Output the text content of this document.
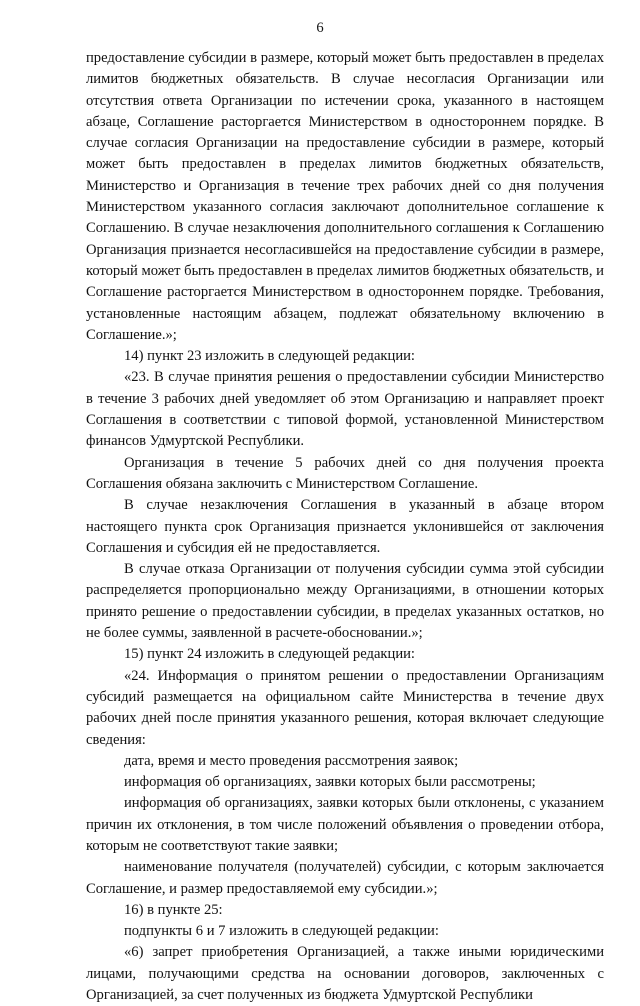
6

предоставление субсидии в размере, который может быть предоставлен в пределах лимитов бюджетных обязательств. В случае несогласия Организации или отсутствия ответа Организации по истечении срока, указанного в настоящем абзаце, Соглашение расторгается Министерством в одностороннем порядке. В случае согласия Организации на предоставление субсидии в размере, который может быть предоставлен в пределах лимитов бюджетных обязательств, Министерство и Организация в течение трех рабочих дней со дня получения Министерством указанного согласия заключают дополнительное соглашение к Соглашению. В случае незаключения дополнительного соглашения к Соглашению Организация признается несогласившейся на предоставление субсидии в размере, который может быть предоставлен в пределах лимитов бюджетных обязательств, и Соглашение расторгается Министерством в одностороннем порядке. Требования, установленные настоящим абзацем, подлежат обязательному включению в Соглашение.»;

14) пункт 23 изложить в следующей редакции:

«23. В случае принятия решения о предоставлении субсидии Министерство в течение 3 рабочих дней уведомляет об этом Организацию и направляет проект Соглашения в соответствии с типовой формой, установленной Министерством финансов Удмуртской Республики.

Организация в течение 5 рабочих дней со дня получения проекта Соглашения обязана заключить с Министерством Соглашение.

В случае незаключения Соглашения в указанный в абзаце втором настоящего пункта срок Организация признается уклонившейся от заключения Соглашения и субсидия ей не предоставляется.

В случае отказа Организации от получения субсидии сумма этой субсидии распределяется пропорционально между Организациями, в отношении которых принято решение о предоставлении субсидии, в пределах указанных остатков, но не более суммы, заявленной в расчете-обосновании.»;

15) пункт 24 изложить в следующей редакции:

«24. Информация о принятом решении о предоставлении Организациям субсидий размещается на официальном сайте Министерства в течение двух рабочих дней после принятия указанного решения, которая включает следующие сведения:

дата, время и место проведения рассмотрения заявок;

информация об организациях, заявки которых были рассмотрены;

информация об организациях, заявки которых были отклонены, с указанием причин их отклонения, в том числе положений объявления о проведении отбора, которым не соответствуют такие заявки;

наименование получателя (получателей) субсидии, с которым заключается Соглашение, и размер предоставляемой ему субсидии.»;

16) в пункте 25:

подпункты 6 и 7 изложить в следующей редакции:

«6) запрет приобретения Организацией, а также иными юридическими лицами, получающими средства на основании договоров, заключенных с Организацией, за счет полученных из бюджета Удмуртской Республики
